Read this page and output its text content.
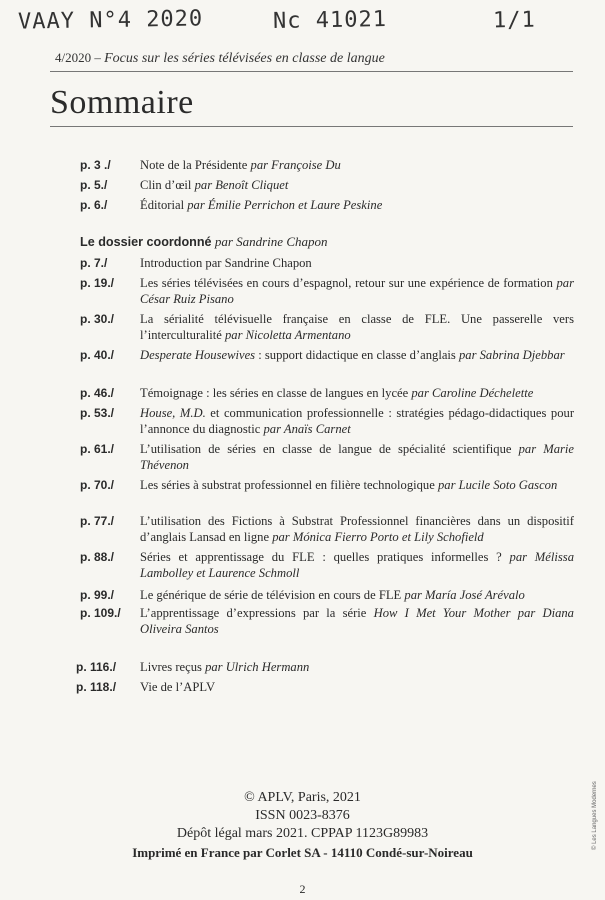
VAAY N°4 2020	Nc 41021	1/1
4/2020 – Focus sur les séries télévisées en classe de langue
Sommaire
p. 3 ./ Note de la Présidente par Françoise Du
p. 5./	Clin d’œil par Benoît Cliquet
p. 6./	Éditorial par Émilie Perrichon et Laure Peskine
Le dossier coordonné par Sandrine Chapon
p. 7./	Introduction par Sandrine Chapon
p. 19./ Les séries télévisées en cours d’espagnol, retour sur une expérience de formation par César Ruiz Pisano
p. 30./ La sérialité télévisuelle française en classe de FLE. Une passerelle vers l’interculturalité par Nicoletta Armentano
p. 40./ Desperate Housewives : support didactique en classe d’anglais par Sabrina Djebbar
p. 46./ Témoignage : les séries en classe de langues en lycée par Caroline Déchelette
p. 53./ House, M.D. et communication professionnelle : stratégies pédago-didactiques pour l’annonce du diagnostic par Anaïs Carnet
p. 61./ L’utilisation de séries en classe de langue de spécialité scientifique par Marie Thévenon
p. 70./ Les séries à substrat professionnel en filière technologique par Lucile Soto Gascon
p. 77./ L’utilisation des Fictions à Substrat Professionnel financières dans un dispositif d’anglais Lansad en ligne par Mónica Fierro Porto et Lily Schofield
p. 88./ Séries et apprentissage du FLE : quelles pratiques informelles ? par Mélissa Lambolley et Laurence Schmoll
p. 99./ Le générique de série de télévision en cours de FLE par María José Arévalo
p. 109./ L’apprentissage d’expressions par la série How I Met Your Mother par Diana Oliveira Santos
p. 116./ Livres reçus par Ulrich Hermann
p. 118./ Vie de l’APLV
© APLV, Paris, 2021
ISSN 0023-8376
Dépôt légal mars 2021. CPPAP 1123G89983
Imprimé en France par Corlet SA - 14110 Condé-sur-Noireau
2
© Les Langues Modernes
